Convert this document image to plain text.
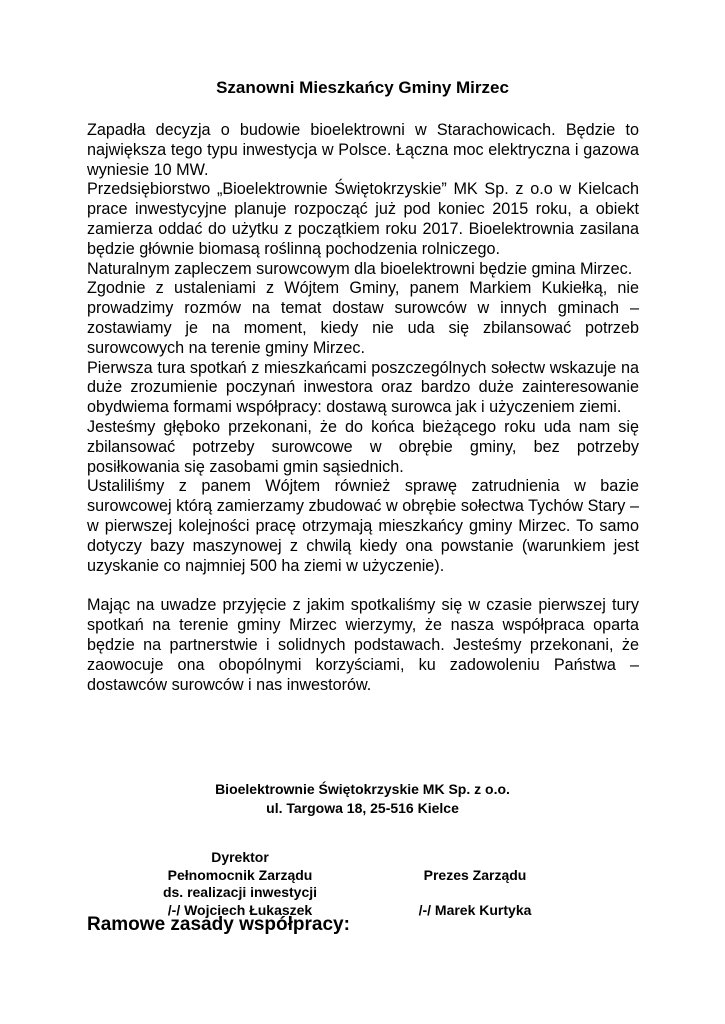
Szanowni Mieszkańcy Gminy Mirzec

Zapadła decyzja o budowie bioelektrowni w Starachowicach. Będzie to największa tego typu inwestycja w Polsce. Łączna moc elektryczna i gazowa wyniesie 10 MW.

Przedsiębiorstwo „Bioelektrownie Świętokrzyskie” MK Sp. z o.o w Kielcach prace inwestycyjne planuje rozpocząć już pod koniec 2015 roku, a obiekt zamierza oddać do użytku z początkiem roku 2017. Bioelektrownia zasilana będzie głównie biomasą roślinną pochodzenia rolniczego.

Naturalnym zapleczem surowcowym dla bioelektrowni będzie gmina Mirzec.

Zgodnie z ustaleniami z Wójtem Gminy, panem Markiem Kukiełką, nie prowadzimy rozmów na temat dostaw surowców w innych gminach – zostawiamy je na moment, kiedy nie uda się zbilansować potrzeb surowcowych na terenie gminy Mirzec.

Pierwsza tura spotkań z mieszkańcami poszczególnych sołectw wskazuje na duże zrozumienie poczynań inwestora oraz bardzo duże zainteresowanie obydwiema formami współpracy: dostawą surowca jak i użyczeniem ziemi.

Jesteśmy głęboko przekonani, że do końca bieżącego roku uda nam się zbilansować potrzeby surowcowe w obrębie gminy, bez potrzeby posiłkowania się zasobami gmin sąsiednich.

Ustaliliśmy z panem Wójtem również sprawę zatrudnienia w bazie surowcowej którą zamierzamy zbudować w obrębie sołectwa Tychów Stary – w pierwszej kolejności pracę otrzymają mieszkańcy gminy Mirzec. To samo dotyczy bazy maszynowej z chwilą kiedy ona powstanie (warunkiem jest uzyskanie co najmniej 500 ha ziemi w użyczenie).

Mając na uwadze przyjęcie z jakim spotkaliśmy się w czasie pierwszej tury spotkań na terenie gminy Mirzec wierzymy, że nasza współpraca oparta będzie na partnerstwie i solidnych podstawach. Jesteśmy przekonani, że zaowocuje ona obopólnymi korzyściami, ku zadowoleniu Państwa – dostawców surowców i nas inwestorów.

Bioelektrownie Świętokrzyskie MK Sp. z o.o.
ul. Targowa 18, 25-516 Kielce
Dyrektor
Pełnomocnik Zarządu
ds. realizacji inwestycji
/-/ Wojciech Łukaszek
Prezes Zarządu
/-/ Marek Kurtyka
Ramowe zasady współpracy:
